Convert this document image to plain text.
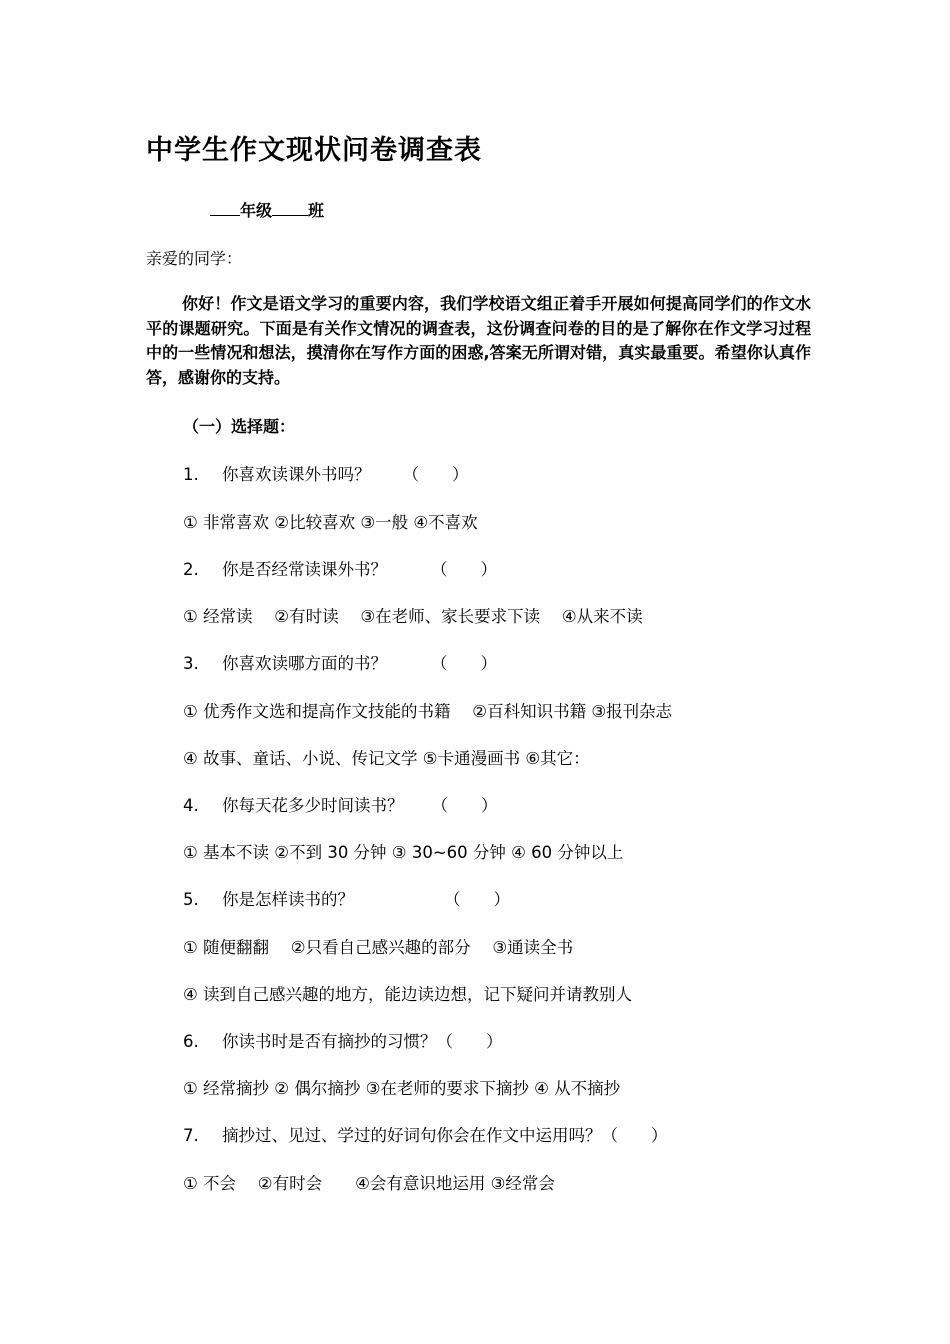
中学生作文现状问卷调查表
年级 班
亲爱的同学：

你好！作文是语文学习的重要内容，我们学校语文组正着手开展如何提高同学们的作文水平的课题研究。下面是有关作文情况的调查表，这份调查问卷的目的是了解你在作文学习过程中的一些情况和想法，摸清你在写作方面的困惑,答案无所谓对错，真实最重要。希望你认真作答，感谢你的支持。

（一）选择题：
1. 你喜欢读课外书吗？ （　　）
① 非常喜欢 ②比较喜欢 ③一般 ④不喜欢
2. 你是否经常读课外书？	（　　）
① 经常读　 ②有时读　 ③在老师、家长要求下读　 ④从来不读
3. 你喜欢读哪方面的书？	（　　）
① 优秀作文选和提高作文技能的书籍　 ②百科知识书籍 ③报刊杂志
④ 故事、童话、小说、传记文学 ⑤卡通漫画书 ⑥其它：
4. 你每天花多少时间读书？ （　　）
① 基本不读 ②不到 30 分钟 ③ 30~60 分钟 ④ 60 分钟以上
5. 你是怎样读书的？	（　　）
① 随便翻翻　 ②只看自己感兴趣的部分　 ③通读全书
④ 读到自己感兴趣的地方，能边读边想，记下疑问并请教别人
6. 你读书时是否有摘抄的习惯？（　　）
① 经常摘抄 ② 偶尔摘抄 ③在老师的要求下摘抄 ④ 从不摘抄
7. 摘抄过、见过、学过的好词句你会在作文中运用吗？（　　）
① 不会　 ②有时会　　④会有意识地运用 ③经常会
